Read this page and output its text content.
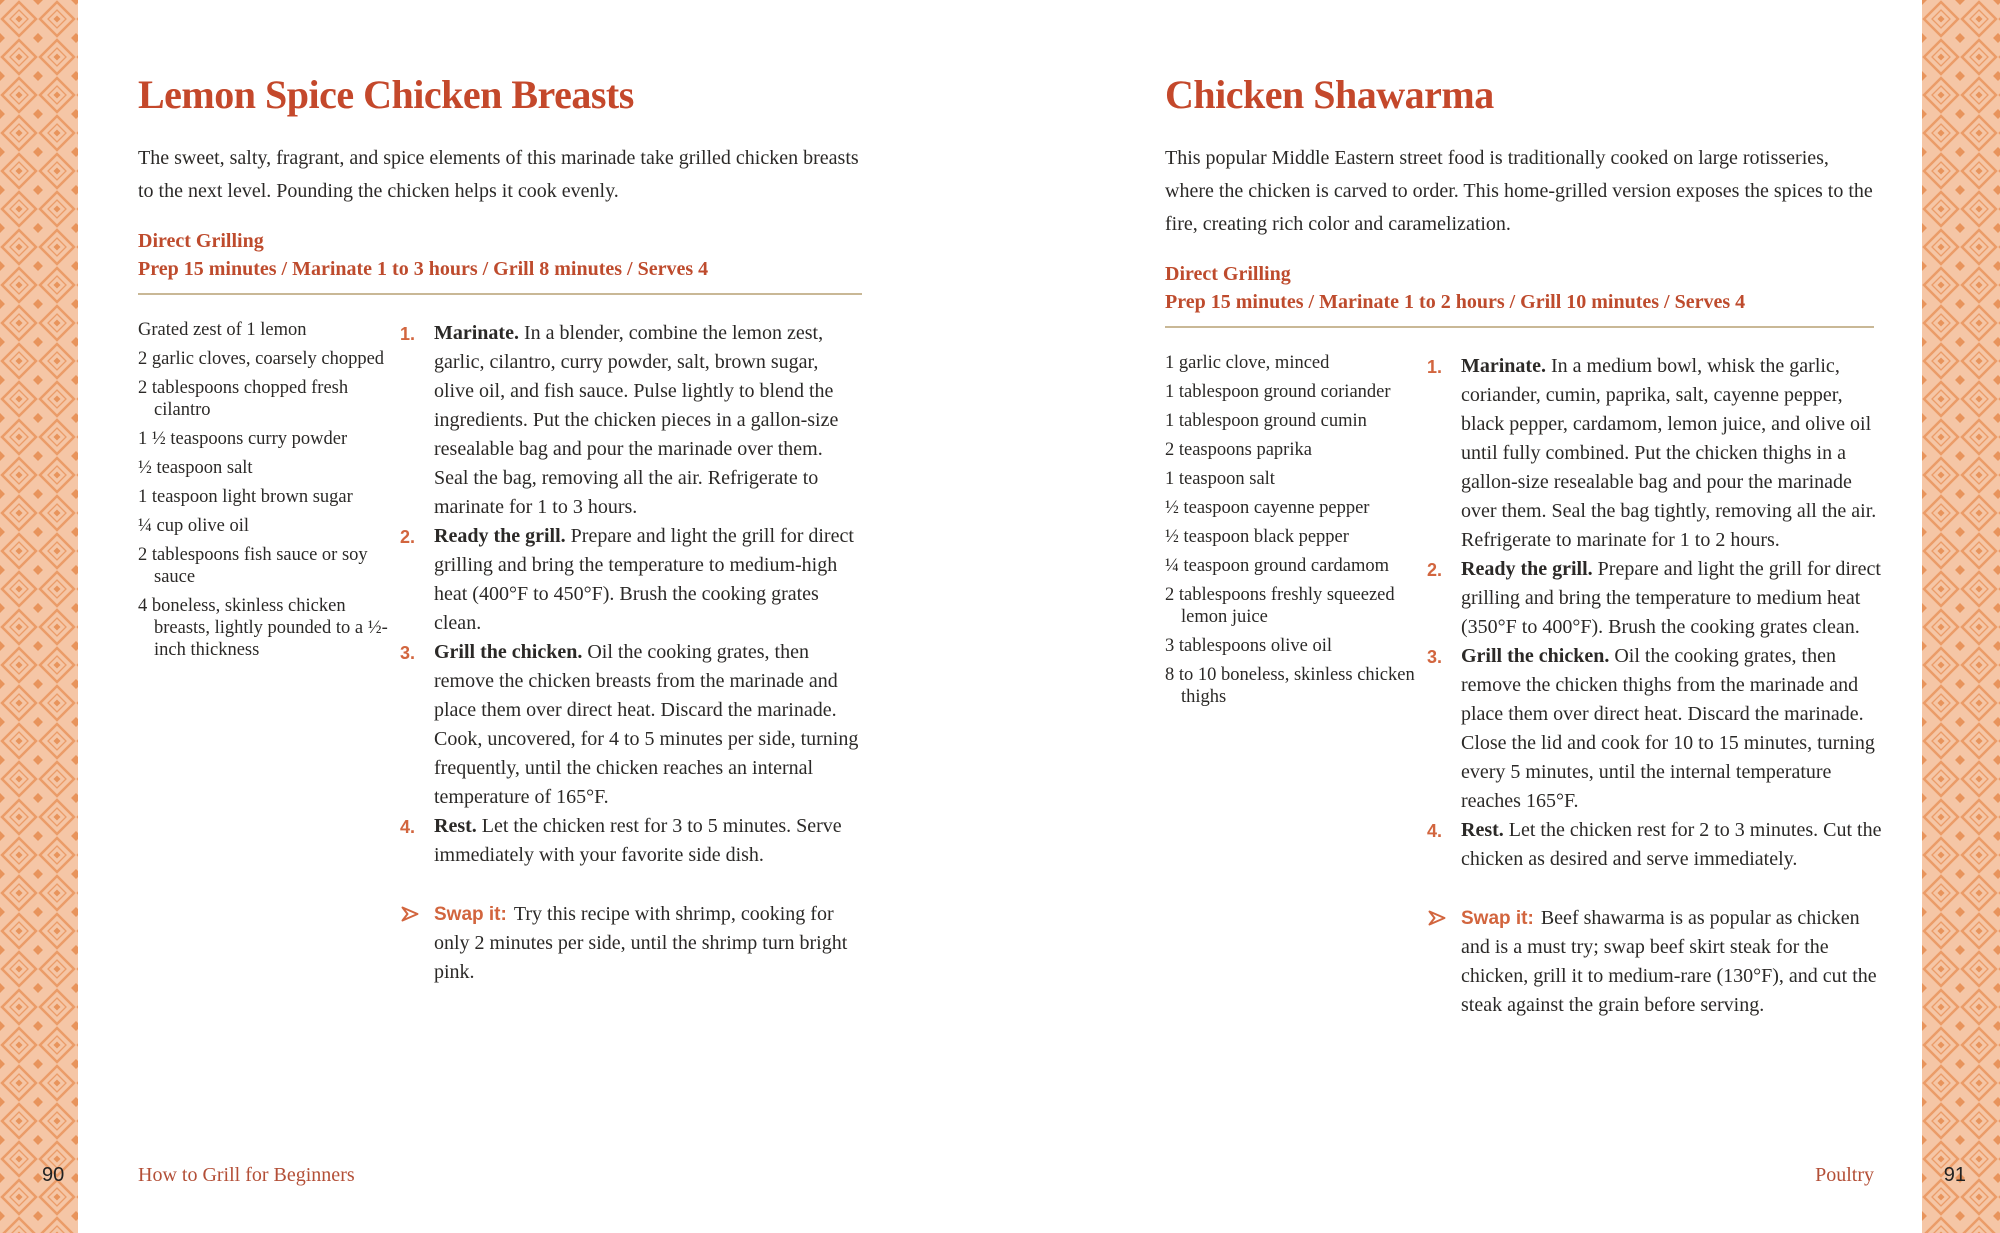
Lemon Spice Chicken Breasts

The sweet, salty, fragrant, and spice elements of this marinade take grilled chicken breasts to the next level. Pounding the chicken helps it cook evenly.

Direct Grilling

Prep 15 minutes / Marinate 1 to 3 hours / Grill 8 minutes / Serves 4

Grated zest of 1 lemon
2 garlic cloves, coarsely chopped
2 tablespoons chopped fresh cilantro
1 ½ teaspoons curry powder
½ teaspoon salt
1 teaspoon light brown sugar
¼ cup olive oil
2 tablespoons fish sauce or soy sauce
4 boneless, skinless chicken breasts, lightly pounded to a ½-inch thickness
1. Marinate. In a blender, combine the lemon zest, garlic, cilantro, curry powder, salt, brown sugar, olive oil, and fish sauce. Pulse lightly to blend the ingredients. Put the chicken pieces in a gallon-size resealable bag and pour the marinade over them. Seal the bag, removing all the air. Refrigerate to marinate for 1 to 3 hours.
2. Ready the grill. Prepare and light the grill for direct grilling and bring the temperature to medium-high heat (400°F to 450°F). Brush the cooking grates clean.
3. Grill the chicken. Oil the cooking grates, then remove the chicken breasts from the marinade and place them over direct heat. Discard the marinade. Cook, uncovered, for 4 to 5 minutes per side, turning frequently, until the chicken reaches an internal temperature of 165°F.
4. Rest. Let the chicken rest for 3 to 5 minutes. Serve immediately with your favorite side dish.
Swap it: Try this recipe with shrimp, cooking for only 2 minutes per side, until the shrimp turn bright pink.
Chicken Shawarma

This popular Middle Eastern street food is traditionally cooked on large rotisseries, where the chicken is carved to order. This home-grilled version exposes the spices to the fire, creating rich color and caramelization.

Direct Grilling

Prep 15 minutes / Marinate 1 to 2 hours / Grill 10 minutes / Serves 4

1 garlic clove, minced
1 tablespoon ground coriander
1 tablespoon ground cumin
2 teaspoons paprika
1 teaspoon salt
½ teaspoon cayenne pepper
½ teaspoon black pepper
¼ teaspoon ground cardamom
2 tablespoons freshly squeezed lemon juice
3 tablespoons olive oil
8 to 10 boneless, skinless chicken thighs
1. Marinate. In a medium bowl, whisk the garlic, coriander, cumin, paprika, salt, cayenne pepper, black pepper, cardamom, lemon juice, and olive oil until fully combined. Put the chicken thighs in a gallon-size resealable bag and pour the marinade over them. Seal the bag tightly, removing all the air. Refrigerate to marinate for 1 to 2 hours.
2. Ready the grill. Prepare and light the grill for direct grilling and bring the temperature to medium heat (350°F to 400°F). Brush the cooking grates clean.
3. Grill the chicken. Oil the cooking grates, then remove the chicken thighs from the marinade and place them over direct heat. Discard the marinade. Close the lid and cook for 10 to 15 minutes, turning every 5 minutes, until the internal temperature reaches 165°F.
4. Rest. Let the chicken rest for 2 to 3 minutes. Cut the chicken as desired and serve immediately.
Swap it: Beef shawarma is as popular as chicken and is a must try; swap beef skirt steak for the chicken, grill it to medium-rare (130°F), and cut the steak against the grain before serving.
90	How to Grill for Beginners	Poultry	91
